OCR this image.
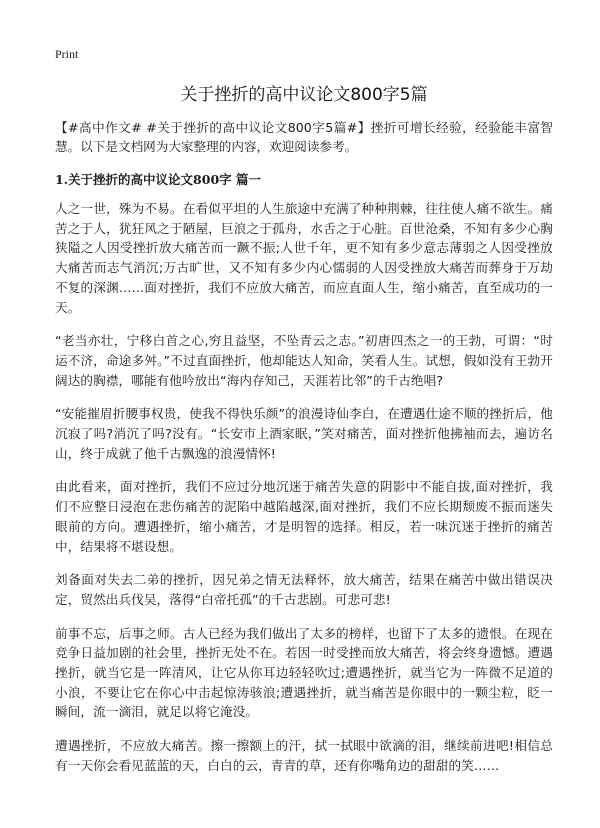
Print
关于挫折的高中议论文800字5篇

【#高中作文# #关于挫折的高中议论文800字5篇#】挫折可增长经验，经验能丰富智慧。以下是文档网为大家整理的内容，欢迎阅读参考。

1.关于挫折的高中议论文800字 篇一

人之一世，殊为不易。在看似平坦的人生旅途中充满了种种荆棘，往往使人痛不欲生。痛苦之于人，犹狂风之于陋屋，巨浪之于孤舟，水舌之于心脏。百世沧桑，不知有多少心胸狭隘之人因受挫折放大痛苦而一蹶不振;人世千年，更不知有多少意志薄弱之人因受挫放大痛苦而志气消沉;万古旷世，又不知有多少内心懦弱的人因受挫放大痛苦而葬身于万劫不复的深渊……面对挫折，我们不应放大痛苦，而应直面人生，缩小痛苦，直至成功的一天。

“老当亦壮，宁移白首之心,穷且益坚，不坠青云之志。”初唐四杰之一的王勃，可谓：“时运不济，命途多舛。”不过直面挫折，他却能达人知命，笑看人生。试想，假如没有王勃开阔达的胸襟，哪能有他吟放出“海内存知己，天涯若比邻”的千古绝唱?

“安能摧眉折腰事权贵，使我不得快乐颜”的浪漫诗仙李白，在遭遇仕途不顺的挫折后，他沉寂了吗?消沉了吗?没有。“长安市上酒家眠，”笑对痛苦，面对挫折他拂袖而去，遍访名山，终于成就了他千古飘逸的浪漫情怀!

由此看来，面对挫折，我们不应过分地沉迷于痛苦失意的阴影中不能自拔,面对挫折，我们不应整日浸泡在悲伤痛苦的泥陷中越陷越深,面对挫折，我们不应长期颓废不振而迷失眼前的方向。遭遇挫折，缩小痛苦，才是明智的选择。相反，若一味沉迷于挫折的痛苦中，结果将不堪设想。

刘备面对失去二弟的挫折，因兄弟之情无法释怀，放大痛苦，结果在痛苦中做出错误决定，贸然出兵伐吴，落得“白帝托孤”的千古悲剧。可悲可悲!

前事不忘，后事之师。古人已经为我们做出了太多的榜样，也留下了太多的遗恨。在现在竞争日益加剧的社会里，挫折无处不在。若因一时受挫而放大痛苦，将会终身遗憾。遭遇挫折，就当它是一阵清风，让它从你耳边轻轻吹过;遭遇挫折，就当它为一阵微不足道的小浪，不要让它在你心中击起惊涛骇浪;遭遇挫折，就当痛苦是你眼中的一颗尘粒，眨一瞬间，流一滴泪，就足以将它淹没。

遭遇挫折，不应放大痛苦。擦一擦额上的汗，拭一拭眼中欲滴的泪，继续前进吧!相信总有一天你会看见蓝蓝的天，白白的云，青青的草，还有你嘴角边的甜甜的笑……
